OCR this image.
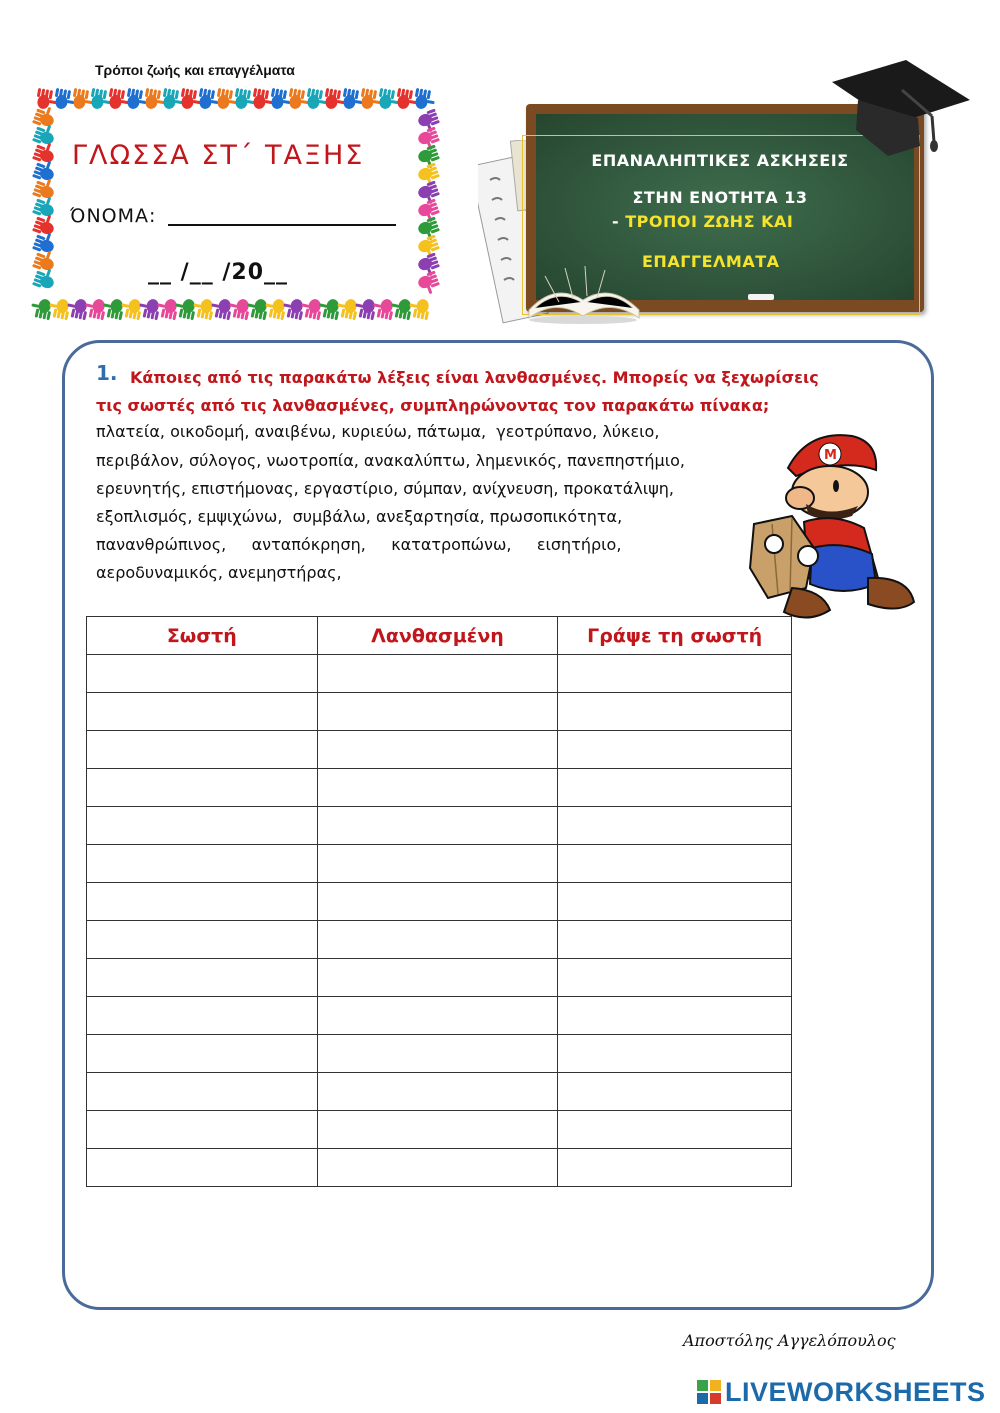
Τρόποι ζωής και επαγγέλματα
ΓΛΩΣΣΑ ΣΤ΄ ΤΑΞΗΣ
ΌΝΟΜΑ:
__ /__ /20__
ΕΠΑΝΑΛΗΠΤΙΚΕΣ ΑΣΚΗΣΕΙΣ
ΣΤΗΝ ΕΝΟΤΗΤΑ 13
- ΤΡΟΠΟΙ ΖΩΗΣ ΚΑΙ
ΕΠΑΓΓΕΛΜΑΤΑ
1. Κάποιες από τις παρακάτω λέξεις είναι λανθασμένες. Μπορείς να ξεχωρίσεις
τις σωστές από τις λανθασμένες, συμπληρώνοντας τον παρακάτω πίνακα;
πλατεία, οικοδομή, αναιβένω, κυριεύω, πάτωμα,  γεοτρύπανο, λύκειο,
περιβάλον, σύλογος, νωοτροπία, ανακαλύπτω, λημενικός, πανεπηστήμιο,
ερευνητής, επιστήμονας, εργαστίριο, σύμπαν, ανίχνευση, προκατάλιψη,
εξοπλισμός, εμψιχώνω,  συμβάλω, ανεξαρτησία, πρωσοπικότητα,
πανανθρώπινος,     ανταπόκρηση,     κατατροπώνω,     εισητήριο,
αεροδυναμικός, ανεμηστήρας,
M
Σωστή	Λανθασμένη	Γράψε τη σωστή

Αποστόλης Αγγελόπουλος
LIVEWORKSHEETS
